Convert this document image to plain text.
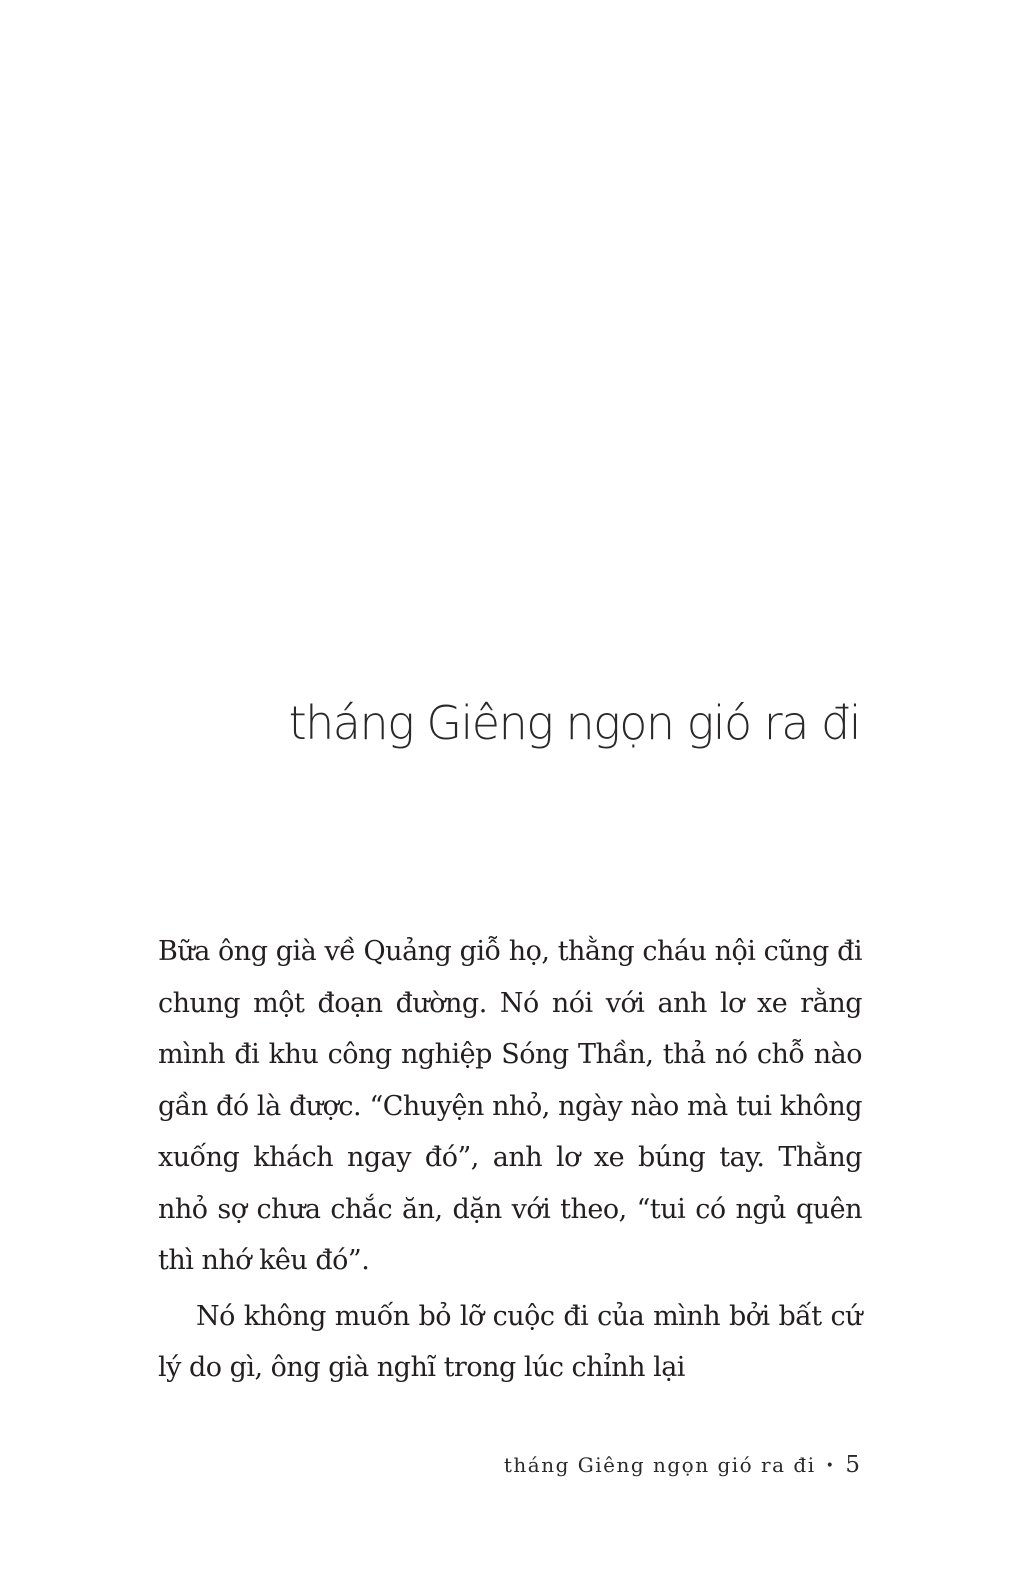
tháng Giêng ngọn gió ra đi

Bữa ông già về Quảng giỗ họ, thằng cháu nội cũng đi chung một đoạn đường. Nó nói với anh lơ xe rằng mình đi khu công nghiệp Sóng Thần, thả nó chỗ nào gần đó là được. “Chuyện nhỏ, ngày nào mà tui không xuống khách ngay đó”, anh lơ xe búng tay. Thằng nhỏ sợ chưa chắc ăn, dặn với theo, “tui có ngủ quên thì nhớ kêu đó”.

Nó không muốn bỏ lỡ cuộc đi của mình bởi bất cứ lý do gì, ông già nghĩ trong lúc chỉnh lại

tháng Giêng ngọn gió ra đi • 5
